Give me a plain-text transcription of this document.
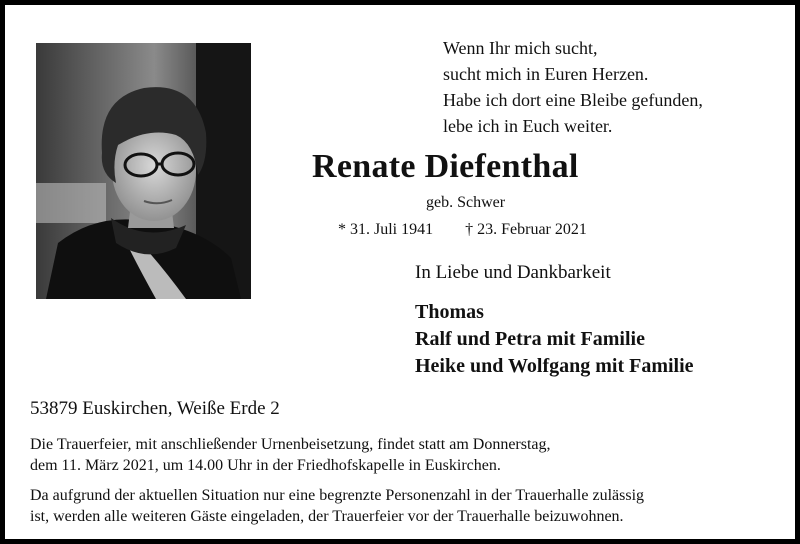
Wenn Ihr mich sucht,
sucht mich in Euren Herzen.
Habe ich dort eine Bleibe gefunden,
lebe ich in Euch weiter.
Renate Diefenthal
geb. Schwer
* 31. Juli 1941 † 23. Februar 2021
In Liebe und Dankbarkeit
Thomas
Ralf und Petra mit Familie
Heike und Wolfgang mit Familie
53879 Euskirchen, Weiße Erde 2
Die Trauerfeier, mit anschließender Urnenbeisetzung, findet statt am Donnerstag,
dem 11. März 2021, um 14.00 Uhr in der Friedhofskapelle in Euskirchen.
Da aufgrund der aktuellen Situation nur eine begrenzte Personenzahl in der Trauerhalle zulässig
ist, werden alle weiteren Gäste eingeladen, der Trauerfeier vor der Trauerhalle beizuwohnen.
